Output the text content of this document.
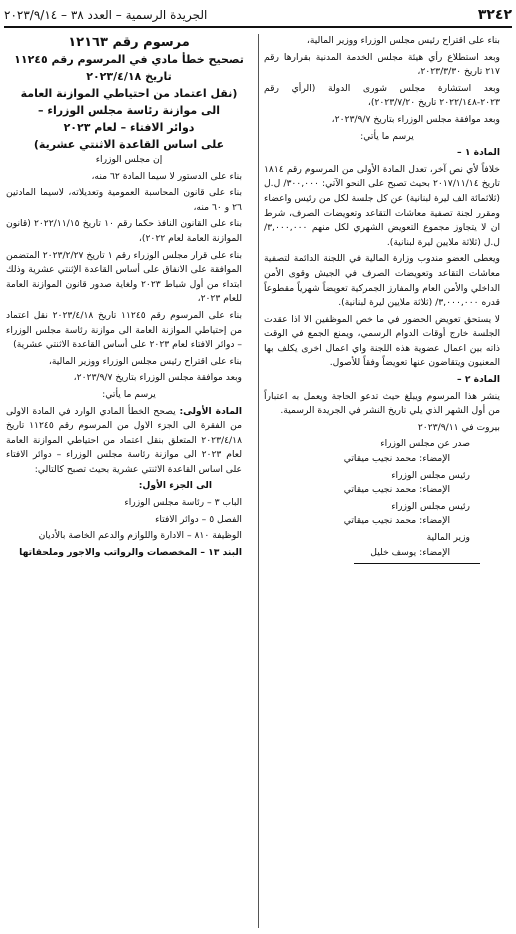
٣٢٤٢
الجريدة الرسمية – العدد ٣٨ – ٢٠٢٣/٩/١٤

بناء على اقتراح رئيس مجلس الوزراء ووزير المالية،

وبعد استطلاع رأي هيئة مجلس الخدمة المدنية بقرارها رقم ٢١٧ تاريخ ٢٠٢٣/٣/٣٠،

وبعد استشارة مجلس شورى الدولة (الرأي رقم ٢٠٢٣-٢٠٢٢/١٤٨ تاريخ ٢٠٢٣/٧/٢٠)،

وبعد موافقة مجلس الوزراء بتاريخ ٢٠٢٣/٩/٧،

يرسم ما يأتي:

المادة ١ –

خلافاً لأي نص آخر، تعدل المادة الأولى من المرسوم رقم ١٨١٤ تاريخ ٢٠١٧/١١/١٤ بحيث تصبح على النحو الآتي: ٣٠٠,٠٠٠/ ل.ل (ثلاثمائة الف ليرة لبنانية) عن كل جلسة لكل من رئيس واعضاء ومقرر لجنة تصفية معاشات التقاعد وتعويضات الصرف، شرط ان لا يتجاوز مجموع التعويض الشهري لكل منهم ٣,٠٠٠,٠٠٠/ ل.ل (ثلاثة ملايين ليرة لبنانية).

ويعطى العضو مندوب وزارة المالية في اللجنة الدائمة لتصفية معاشات التقاعد وتعويضات الصرف في الجيش وقوى الأمن الداخلي والأمن العام والمفارز الجمركية تعويضاً شهرياً مقطوعاً قدره ٣,٠٠٠,٠٠٠/ (ثلاثة ملايين ليرة لبنانية).

لا يستحق تعويض الحضور في ما خص الموظفين الا اذا عقدت الجلسة خارج أوقات الدوام الرسمي، ويمنع الجمع في الوقت ذاته بين اعمال عضوية هذه اللجنة واي اعمال اخرى يكلف بها المعنيون ويتقاضون عنها تعويضاً وفقاً للأصول.

المادة ٢ –

ينشر هذا المرسوم ويبلغ حيث تدعو الحاجة ويعمل به اعتباراً من أول الشهر الذي يلي تاريخ النشر في الجريدة الرسمية.

بيروت في ٢٠٢٣/٩/١١

صدر عن مجلس الوزراء
الإمضاء: محمد نجيب ميقاتي
رئيس مجلس الوزراء
الإمضاء: محمد نجيب ميقاتي
رئيس مجلس الوزراء
الإمضاء: محمد نجيب ميقاتي
وزير المالية
الإمضاء: يوسف خليل
مرسوم رقم ١٢١٦٣
تصحيح خطأ مادي في المرسوم رقم ١١٢٤٥
تاريخ ٢٠٢٣/٤/١٨
(نقل اعتماد من احتياطي الموازنة العامة
الى موازنة رئاسة مجلس الوزراء –
دوائر الافتاء – لعام ٢٠٢٣
على اساس القاعدة الاثنتي عشرية)

إن مجلس الوزراء

بناء على الدستور لا سيما المادة ٦٢ منه،

بناء على قانون المحاسبة العمومية وتعديلاته، لاسيما المادتين ٢٦ و ٦٠ منه،

بناء على القانون النافذ حكما رقم ١٠ تاريخ ٢٠٢٢/١١/١٥ (قانون الموازنة العامة لعام ٢٠٢٢)،

بناء على قرار مجلس الوزراء رقم ١ تاريخ ٢٠٢٣/٢/٢٧ المتضمن الموافقة على الانفاق على أساس القاعدة الإثنتي عشرية وذلك ابتداء من أول شباط ٢٠٢٣ ولغاية صدور قانون الموازنة العامة للعام ٢٠٢٣،

بناء على المرسوم رقم ١١٢٤٥ تاريخ ٢٠٢٣/٤/١٨ نقل اعتماد من إحتياطي الموازنة العامة الى موازنة رئاسة مجلس الوزراء – دوائر الافتاء لعام ٢٠٢٣ على أساس القاعدة الاثنتي عشرية)

بناء على اقتراح رئيس مجلس الوزراء ووزير المالية،

وبعد موافقة مجلس الوزراء بتاريخ ٢٠٢٣/٩/٧،

يرسم ما يأتي:

المادة الأولى: يصحح الخطأ المادي الوارد في المادة الاولى من الفقرة الى الجزء الاول من المرسوم رقم ١١٢٤٥ تاريخ ٢٠٢٣/٤/١٨ المتعلق بنقل اعتماد من احتياطي الموازنة العامة لعام ٢٠٢٣ الى موازنة رئاسة مجلس الوزراء – دوائر الافتاء على اساس القاعدة الاثنتي عشرية بحيث تصبح كالتالي:

الى الجزء الأول:

الباب ٣ – رئاسة مجلس الوزراء

الفصل ٥ – دوائر الافتاء

الوظيفة ٨١٠ – الادارة واللوازم والدعم الخاصة بالأديان

البند ١٣ – المخصصات والرواتب والاجور وملحقاتها
